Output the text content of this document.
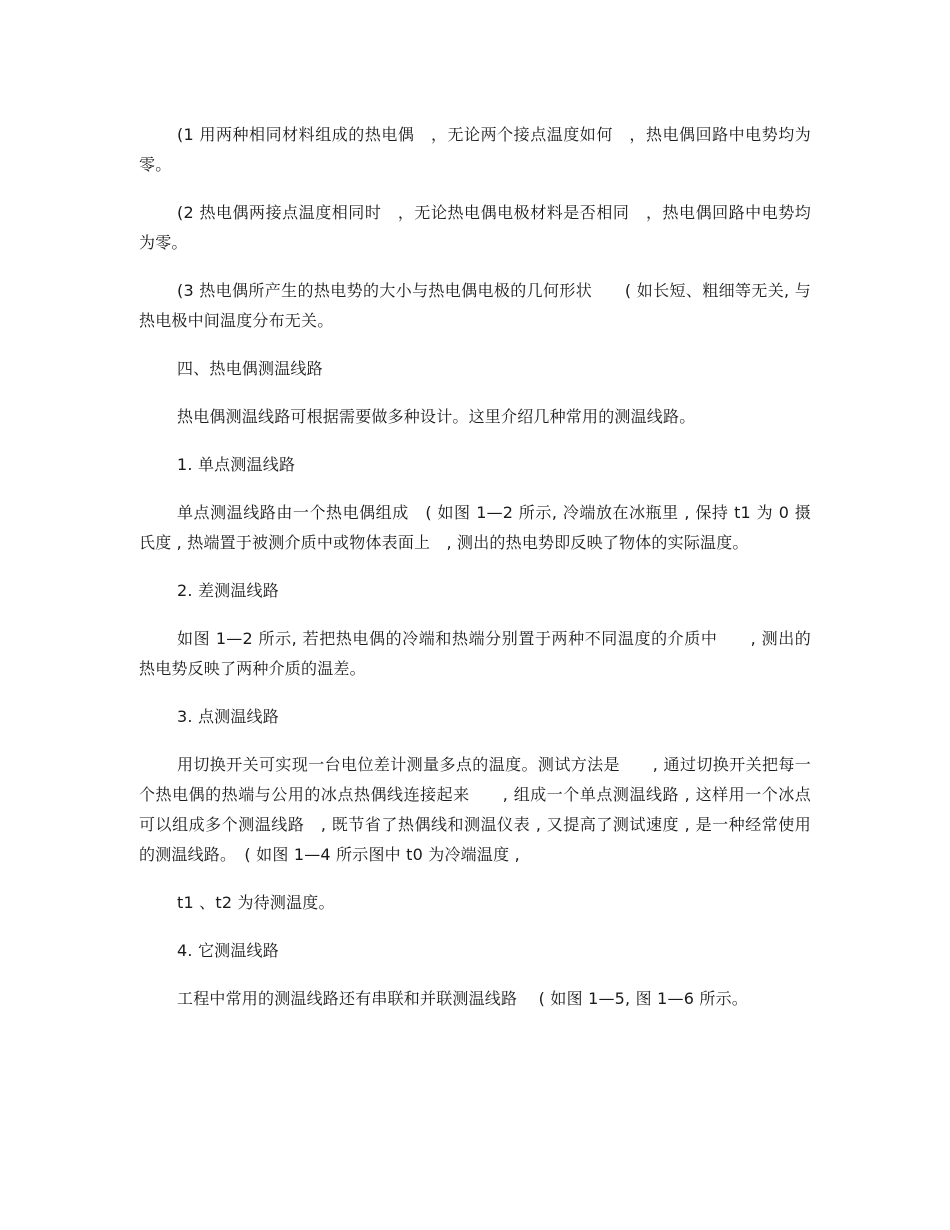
(1 用两种相同材料组成的热电偶　，无论两个接点温度如何　，热电偶回路中电势均为零。

(2 热电偶两接点温度相同时　，无论热电偶电极材料是否相同　，热电偶回路中电势均为零。

(3 热电偶所产生的热电势的大小与热电偶电极的几何形状　　( 如长短、粗细等无关, 与热电极中间温度分布无关。

四、热电偶测温线路

热电偶测温线路可根据需要做多种设计。这里介绍几种常用的测温线路。

1. 单点测温线路

单点测温线路由一个热电偶组成　( 如图 1—2 所示, 冷端放在冰瓶里 , 保持 t1 为 0 摄氏度 , 热端置于被测介质中或物体表面上　, 测出的热电势即反映了物体的实际温度。

2. 差测温线路

如图 1—2 所示, 若把热电偶的冷端和热端分别置于两种不同温度的介质中　　, 测出的热电势反映了两种介质的温差。

3. 点测温线路

用切换开关可实现一台电位差计测量多点的温度。测试方法是　　, 通过切换开关把每一个热电偶的热端与公用的冰点热偶线连接起来　　, 组成一个单点测温线路 , 这样用一个冰点可以组成多个测温线路　, 既节省了热偶线和测温仪表 , 又提高了测试速度 , 是一种经常使用的测温线路。　( 如图 1—4 所示图中 t0 为冷端温度 ,

t1 、t2 为待测温度。

4. 它测温线路

工程中常用的测温线路还有串联和并联测温线路　 ( 如图 1—5, 图 1—6 所示。
